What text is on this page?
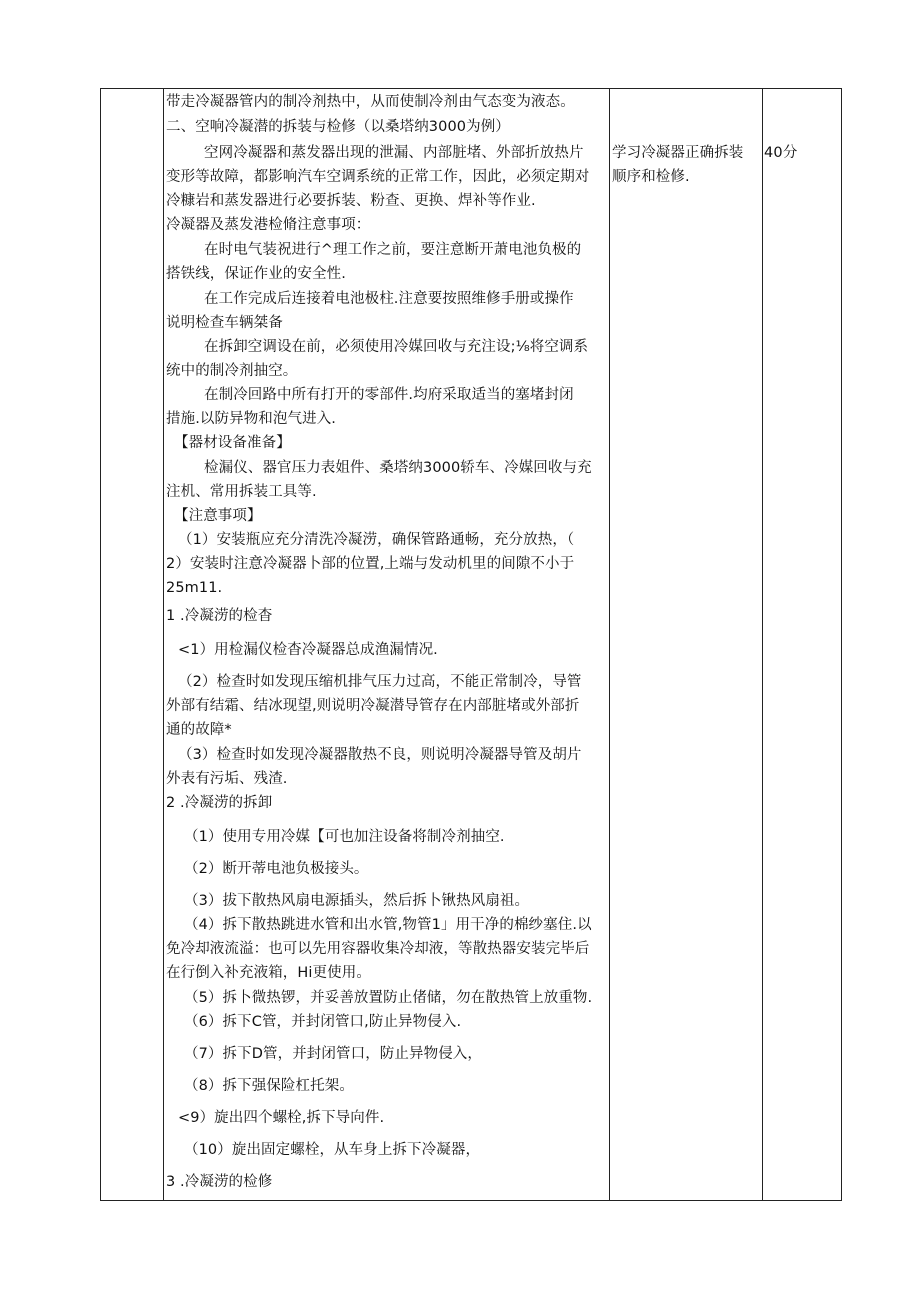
带走冷凝器管内的制冷剂热中，从而使制冷剂由气态变为液态。
二、空响冷凝潜的拆装与检修（以桑塔纳3000为例）
空网冷凝器和蒸发器出现的泄漏、内部脏堵、外部折放热片
变形等故障，都影响汽车空调系统的正常工作，因此，必须定期对
冷糠岩和蒸发器进行必要拆装、粉查、更换、焊补等作业.
冷凝器及蒸发港检脩注意事项：
在时电气装祝进行^理工作之前，要注意断开萧电池负极的
搭铁线，保证作业的安全性.
在工作完成后连接着电池极柱.注意要按照维修手册或操作
说明检查车辆桀备
在拆卸空调设在前，必须使用冷媒回收与充注设;⅛将空调系
统中的制冷剂抽空。
在制冷回路中所有打开的零部件.均府采取适当的塞堵封闭
措施.以防异物和泡气进入.
【器材设备准备】
检漏仪、器官压力表姐件、桑塔纳3000轿车、冷媒回收与充
注机、常用拆装工具等.
【注意事项】
（1）安装瓶应充分清洗冷凝涝，确保管路通畅，充分放热，（
2）安装时注意冷凝器卜部的位置,上端与发动机里的间隙不小于
25m11.
1 .冷凝涝的检杳
<1）用检漏仪检杳冷凝器总成渔漏情况.
（2）检查时如发现压缩机排气压力过高，不能正常制冷，导管
外部有结霜、结冰现望,则说明冷凝潜导管存在内部脏堵或外部折
通的故障*
（3）检查时如发现冷凝器散热不良，则说明冷凝器导管及胡片
外表有污垢、残渣.
2 .冷凝涝的拆卸
（1）使用专用冷媒【可也加注设备将制冷剂抽空.
（2）断开蒂电池负极接头。
（3）拔下散热风扇电源插头，然后拆卜锹热风扇祖。
（4）拆下散热跳进水管和出水管,物管1」用干净的棉纱塞住.以
免冷却液流溢：也可以先用容器收集冷却液，等散热器安装完毕后
在行倒入补充液箱，Hi更使用。
（5）拆卜微热锣，并妥善放置防止偖储，勿在散热管上放重物.
（6）拆下C管，并封闭管口,防止异物侵入.
（7）拆下D管，并封闭管口，防止异物侵入，
（8）拆下强保险杠托架。
<9）旋出四个螺栓,拆下导向件.
（10）旋出固定螺栓，从车身上拆下冷凝器，
3 .冷凝涝的检修
学习冷凝器正确拆装
顺序和检修.
40分
